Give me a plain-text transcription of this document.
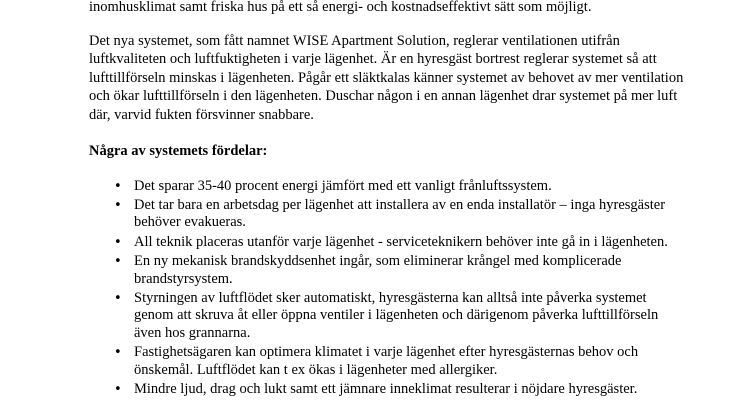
inomhusklimat samt friska hus på ett så energi- och kostnadseffektivt sätt som möjligt.

Det nya systemet, som fått namnet WISE Apartment Solution, reglerar ventilationen utifrån luftkvaliteten och luftfuktigheten i varje lägenhet. Är en hyresgäst bortrest reglerar systemet så att lufttillförseln minskas i lägenheten. Pågår ett släktkalas känner systemet av behovet av mer ventilation och ökar lufttillförseln i den lägenheten. Duschar någon i en annan lägenhet drar systemet på mer luft där, varvid fukten försvinner snabbare.

Några av systemets fördelar:

• Det sparar 35-40 procent energi jämfört med ett vanligt frånluftssystem.
• Det tar bara en arbetsdag per lägenhet att installera av en enda installatör – inga hyresgäster behöver evakueras.
• All teknik placeras utanför varje lägenhet - serviceteknikern behöver inte gå in i lägenheten.
• En ny mekanisk brandskyddsenhet ingår, som eliminerar krångel med komplicerade brandstyrsystem.
• Styrningen av luftflödet sker automatiskt, hyresgästerna kan alltså inte påverka systemet genom att skruva åt eller öppna ventiler i lägenheten och därigenom påverka lufttillförseln även hos grannarna.
• Fastighetsägaren kan optimera klimatet i varje lägenhet efter hyresgästernas behov och önskemål. Luftflödet kan t ex ökas i lägenheter med allergiker.
• Mindre ljud, drag och lukt samt ett jämnare inneklimat resulterar i nöjdare hyresgäster.
